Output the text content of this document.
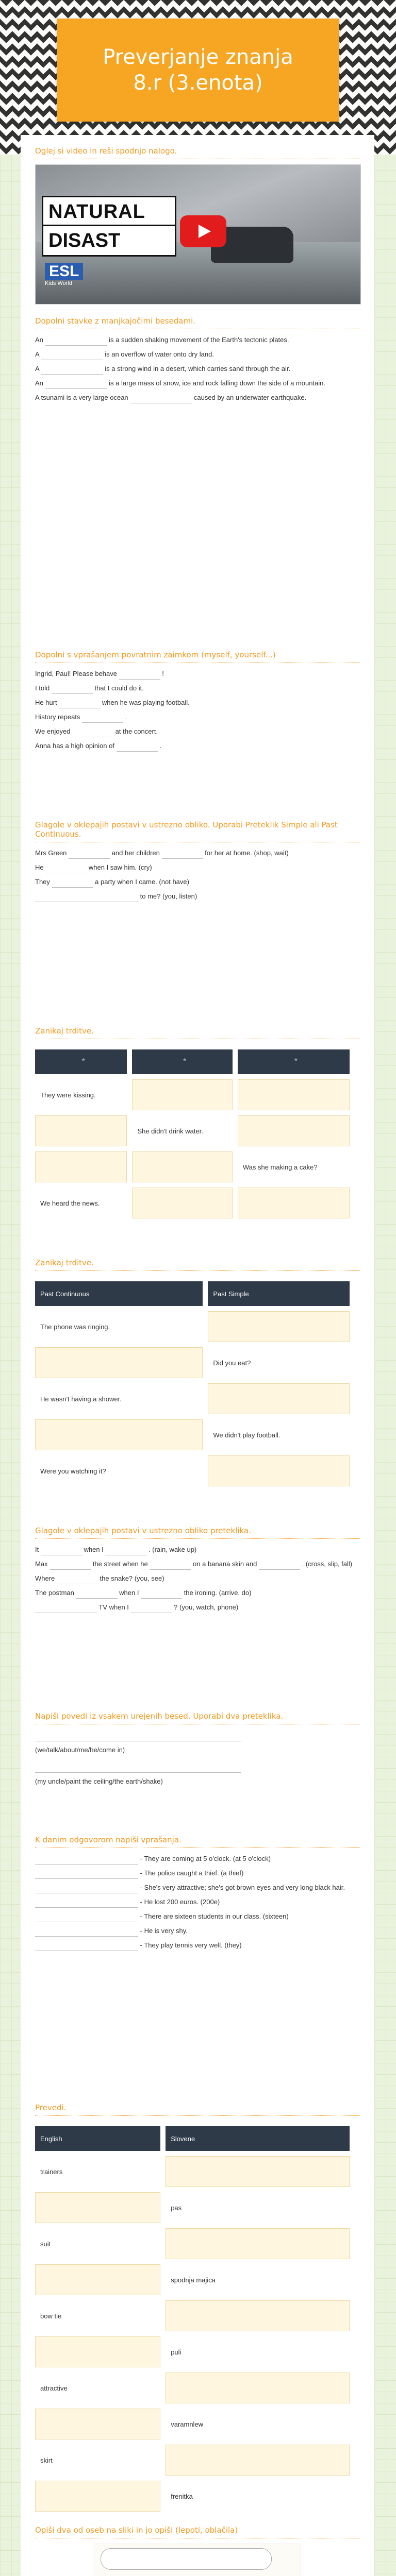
Preverjanje znanja
8.r (3.enota)
Oglej si video in reši spodnjo nalogo.
NATURAL
DISAST
ESL
Kids World
Dopolni stavke z manjkajočimi besedami.

An	is a sudden shaking movement of the Earth's tectonic plates.

A	is an overflow of water onto dry land.

A	is a strong wind in a desert, which carries sand through the air.

An	is a large mass of snow, ice and rock falling down the side of a mountain.

A tsunami is a very large ocean	caused by an underwater earthquake.

Dopolni s vprašanjem povratnim zaimkom (myself, yourself...)

Ingrid, Paul! Please behave	!

I told	that I could do it.

He hurt	when he was playing football.

History repeats	.

We enjoyed	at the concert.

Anna has a high opinion of	.

Glagole v oklepajih postavi v ustrezno obliko. Uporabi Preteklik Simple ali Past Continuous.

Mrs Green	and her children	for her at home. (shop, wait)

He	when I saw him. (cry)

They	a party when I came. (not have)

to me? (you, listen)

Zanikaj trditve.
*	*	*
They were kissing.		
	She didn't drink water.	
		Was she making a cake?
We heard the news.		
Zanikaj trditve.
Past Continuous	Past Simple
The phone was ringing.	
	Did you eat?
He wasn't having a shower.	
	We didn't play football.
Were you watching it?	
Glagole v oklepajih postavi v ustrezno obliko preteklika.

It	when I	. (rain, wake up)

Max	the street when he	on a banana skin and	. (cross, slip, fall)

Where	the snake? (you, see)

The postman	when I	the ironing. (arrive, do)

TV when I	? (you, watch, phone)

Napiši povedi iz vsakem urejenih besed. Uporabi dva preteklika.

(we/talk/about/me/he/come in)

(my uncle/paint the ceiling/the earth/shake)

K danim odgovorom napiši vprašanja.

- They are coming at 5 o'clock. (at 5 o'clock)

- The police caught a thief. (a thief)

- She's very attractive; she's got brown eyes and very long black hair.

- He lost 200 euros. (200e)

- There are sixteen students in our class. (sixteen)

- He is very shy.

- They play tennis very well. (they)

Prevedi.
English	Slovene
trainers	
	pas
suit	
	spodnja majica
bow tie	
	puli
attractive	
	varamnlew
skirt	
	frenitka
Opiši dva od oseb na sliki in jo opiši (lepoti, oblačila)
